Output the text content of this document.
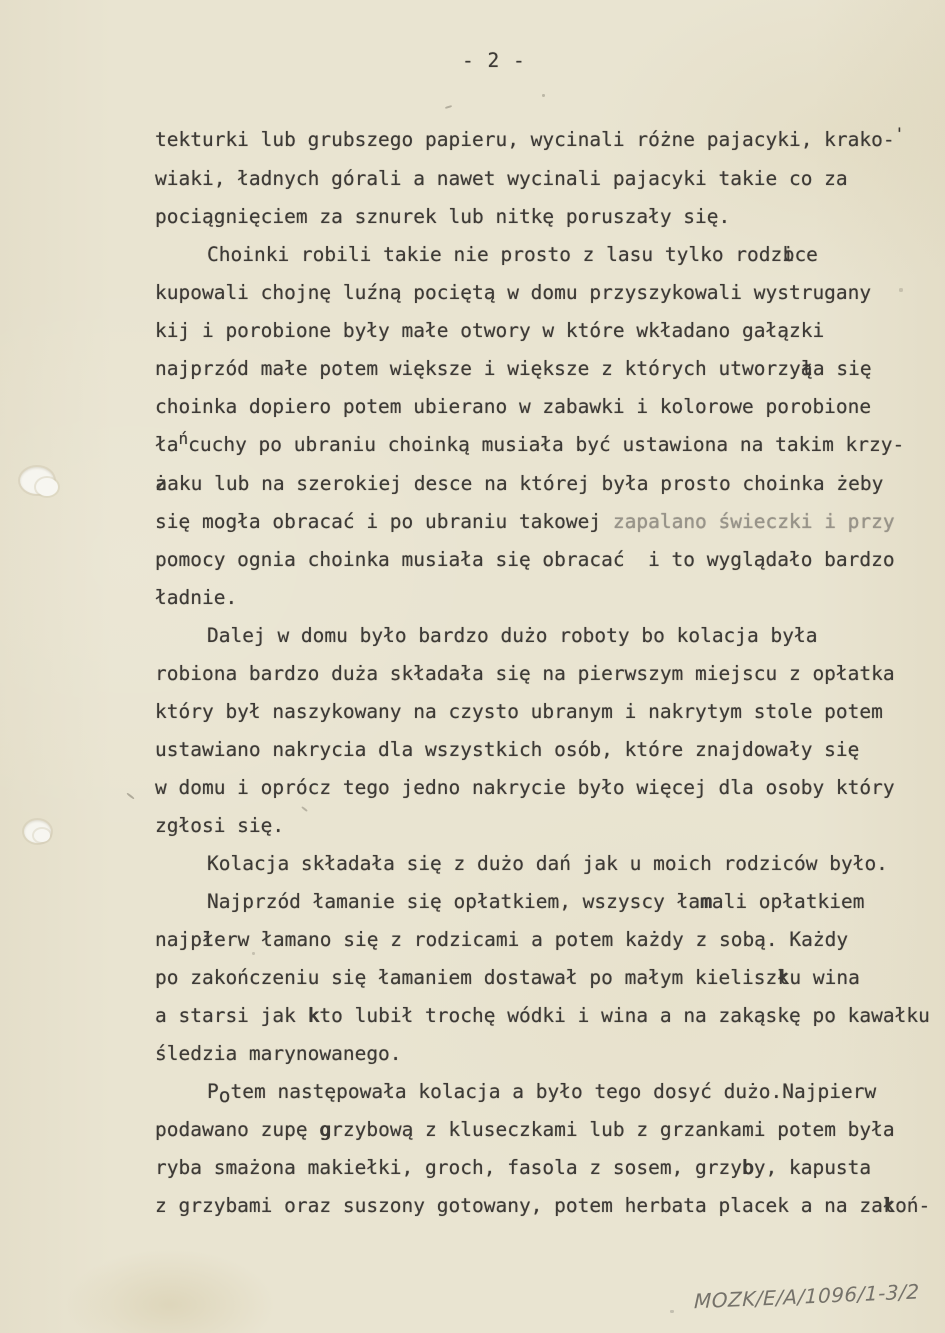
- 2 -
tekturki lub grubszego papieru, wycinali różne pajacyki, krako-'
wiaki, ładnych górali a nawet wycinali pajacyki takie co za
pociągnięciem za sznurek lub nitkę poruszały się.
Choinki robili takie nie prosto z lasu tylko rodzib ce
kupowali chojnę luźną pociętą w domu przyszykowali wystrugany
kij i porobione były małe otwory w które wkładano gałązki
najprzód małe potem większe i większe z których utworzyął a się
choinka dopiero potem ubierano w zabawki i kolorowe porobione
$ła^ńcuchy$ po ubraniu choinką musiała być ustawiona na takim krzy-
ża aku lub na szerokiej desce na której była prosto choinka żeby
się mogła obracać i po ubraniu takowej zapalano świeczki i przy
pomocy ognia choinka musiała się obracać  i to wyglądało bardzo
ładnie.
Dalej w domu było bardzo dużo roboty bo kolacja była
robiona bardzo duża składała się na pierwszym miejscu z opłatka
który był naszykowany na czysto ubranym i nakrytym stole potem
ustawiano nakrycia dla wszystkich osób, które znajdowały się
w domu i oprócz tego jedno nakrycie było więcej dla osoby który
zgłosi się.
Kolacja składała się z dużo dań jak u moich rodziców było.
Najprzód łamanie się opłatkiem, wszyscy łamali opłatkiem
najpił erw łamano się z rodzicami a potem każdy z sobą. Każdy
po zakończeniu się łamaniem dostawał po małym kieliszłk u wina
a starsi jak kto lubił trochę wódki i wina a na zakąskę po kawałku
śledzia marynowanego.
Potem następowała kolacja a było tego dosyć dużo.Najpierw
podawano zupę grzybową z kluseczkami lub z grzankami potem była
ryba smażona makiełki, groch, fasola z sosem, grzyby, kapusta
z grzybami oraz suszony gotowany, potem herbata placek a na załk oń-
MOZK/E/A/1096/1-3/2
